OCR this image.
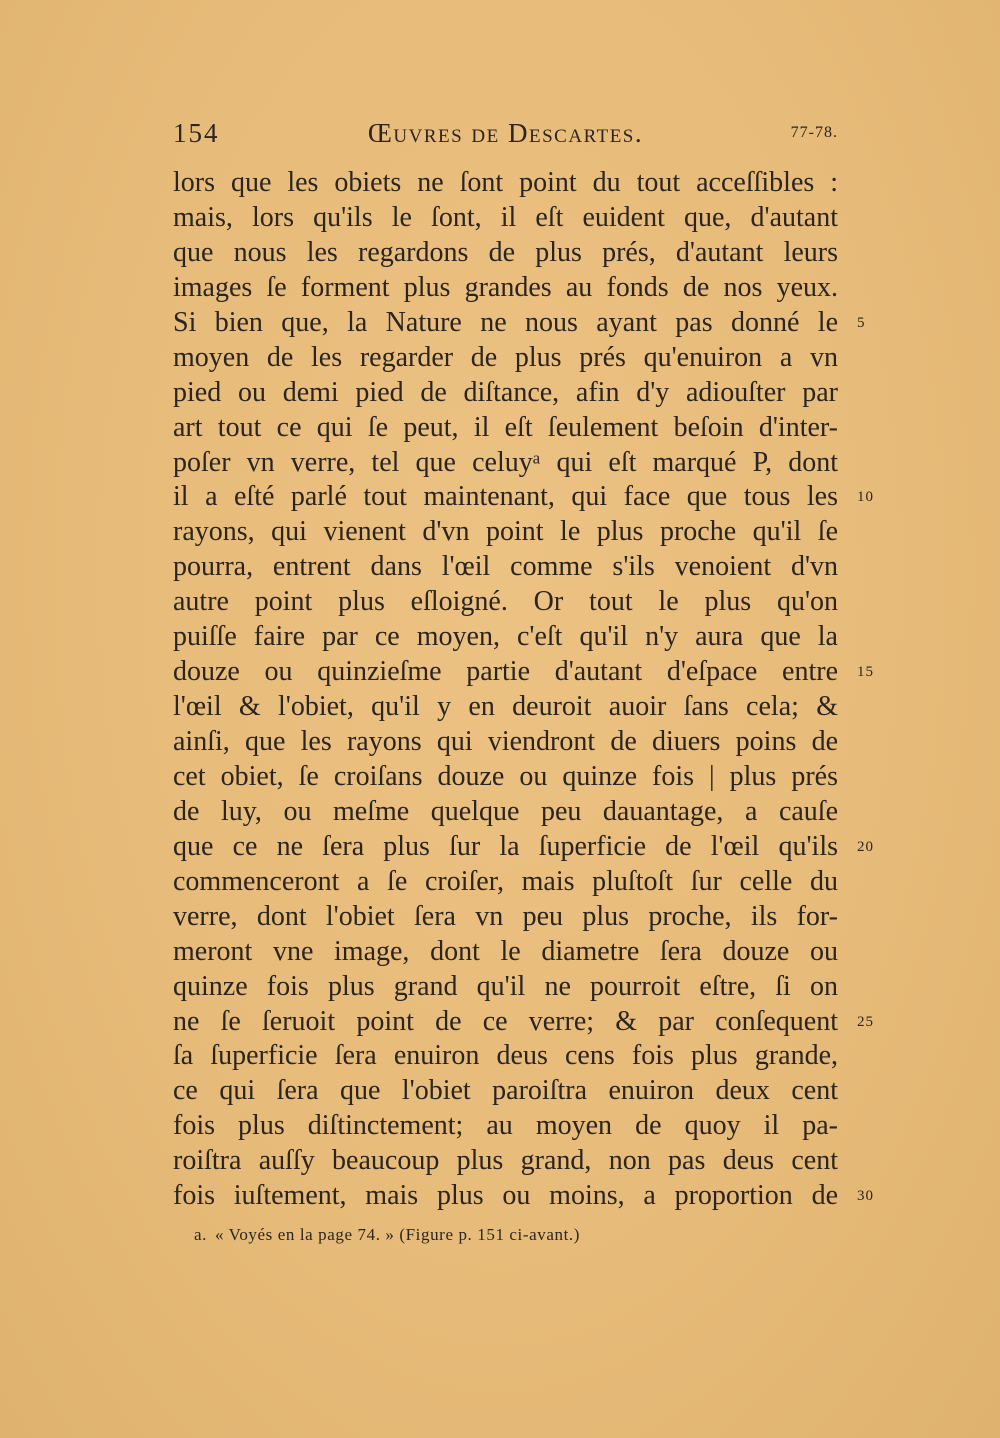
154	Œuvres de Descartes.	77-78.
lors que les obiets ne ſont point du tout acceſſibles :
mais, lors qu'ils le ſont, il eſt euident que, d'autant
que nous les regardons de plus prés, d'autant leurs
images ſe forment plus grandes au fonds de nos yeux.
Si bien que, la Nature ne nous ayant pas donné le 5
moyen de les regarder de plus prés qu'enuiron a vn
pied ou demi pied de diſtance, afin d'y adiouſter par
art tout ce qui ſe peut, il eſt ſeulement beſoin d'inter-
poſer vn verre, tel que celuyᵃ qui eſt marqué P, dont
il a eſté parlé tout maintenant, qui face que tous les 10
rayons, qui vienent d'vn point le plus proche qu'il ſe
pourra, entrent dans l'œil comme s'ils venoient d'vn
autre point plus eſloigné. Or tout le plus qu'on
puiſſe faire par ce moyen, c'eſt qu'il n'y aura que la
douze ou quinzieſme partie d'autant d'eſpace entre 15
l'œil & l'obiet, qu'il y en deuroit auoir ſans cela; &
ainſi, que les rayons qui viendront de diuers poins de
cet obiet, ſe croiſans douze ou quinze fois | plus prés
de luy, ou meſme quelque peu dauantage, a cauſe
que ce ne ſera plus ſur la ſuperficie de l'œil qu'ils 20
commenceront a ſe croiſer, mais pluſtoſt ſur celle du
verre, dont l'obiet ſera vn peu plus proche, ils for-
meront vne image, dont le diametre ſera douze ou
quinze fois plus grand qu'il ne pourroit eſtre, ſi on
ne ſe ſeruoit point de ce verre; & par conſequent 25
ſa ſuperficie ſera enuiron deus cens fois plus grande,
ce qui ſera que l'obiet paroiſtra enuiron deux cent
fois plus diſtinctement; au moyen de quoy il pa-
roiſtra auſſy beaucoup plus grand, non pas deus cent
fois iuſtement, mais plus ou moins, a proportion de 30
a. « Voyés en la page 74. » (Figure p. 151 ci-avant.)
